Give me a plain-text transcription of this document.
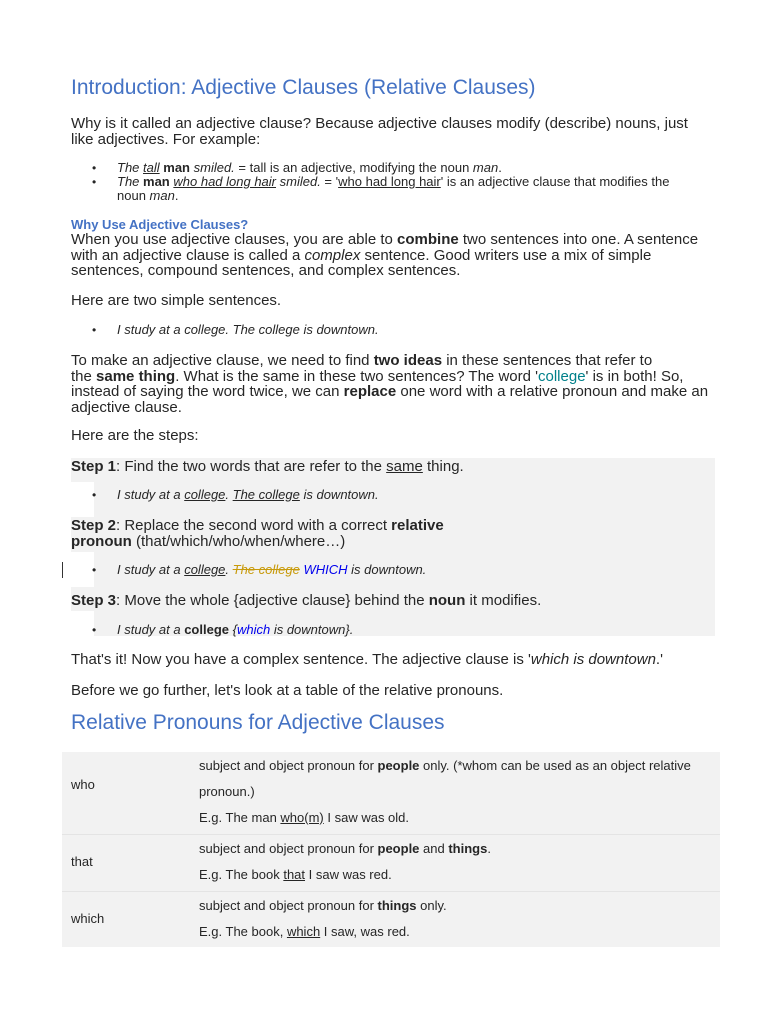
Introduction: Adjective Clauses (Relative Clauses)
Why is it called an adjective clause? Because adjective clauses modify (describe) nouns, just
like adjectives. For example:
The tall man smiled. = tall is an adjective, modifying the noun man.
•
The man who had long hair smiled. = 'who had long hair' is an adjective clause that modifies the
noun man.
•
Why Use Adjective Clauses?
When you use adjective clauses, you are able to combine two sentences into one. A sentence
with an adjective clause is called a complex sentence. Good writers use a mix of simple
sentences, compound sentences, and complex sentences.
Here are two simple sentences.
• I study at a college. The college is downtown.
To make an adjective clause, we need to find two ideas in these sentences that refer to
the same thing. What is the same in these two sentences? The word 'college' is in both! So,
instead of saying the word twice, we can replace one word with a relative pronoun and make an
adjective clause.
Here are the steps:
Step 1: Find the two words that are refer to the same thing.
• I study at a college. The college is downtown.
Step 2: Replace the second word with a correct relative
pronoun (that/which/who/when/where…)
• I study at a college. The college WHICH is downtown.
Step 3: Move the whole {adjective clause} behind the noun it modifies.
• I study at a college {which is downtown}.
That's it! Now you have a complex sentence. The adjective clause is 'which is downtown.'
Before we go further, let's look at a table of the relative pronouns.
Relative Pronouns for Adjective Clauses
who
subject and object pronoun for people only. (*whom can be used as an object relative
pronoun.)
E.g. The man who(m) I saw was old.
that
subject and object pronoun for people and things.
E.g. The book that I saw was red.
which
subject and object pronoun for things only.
E.g. The book, which I saw, was red.
